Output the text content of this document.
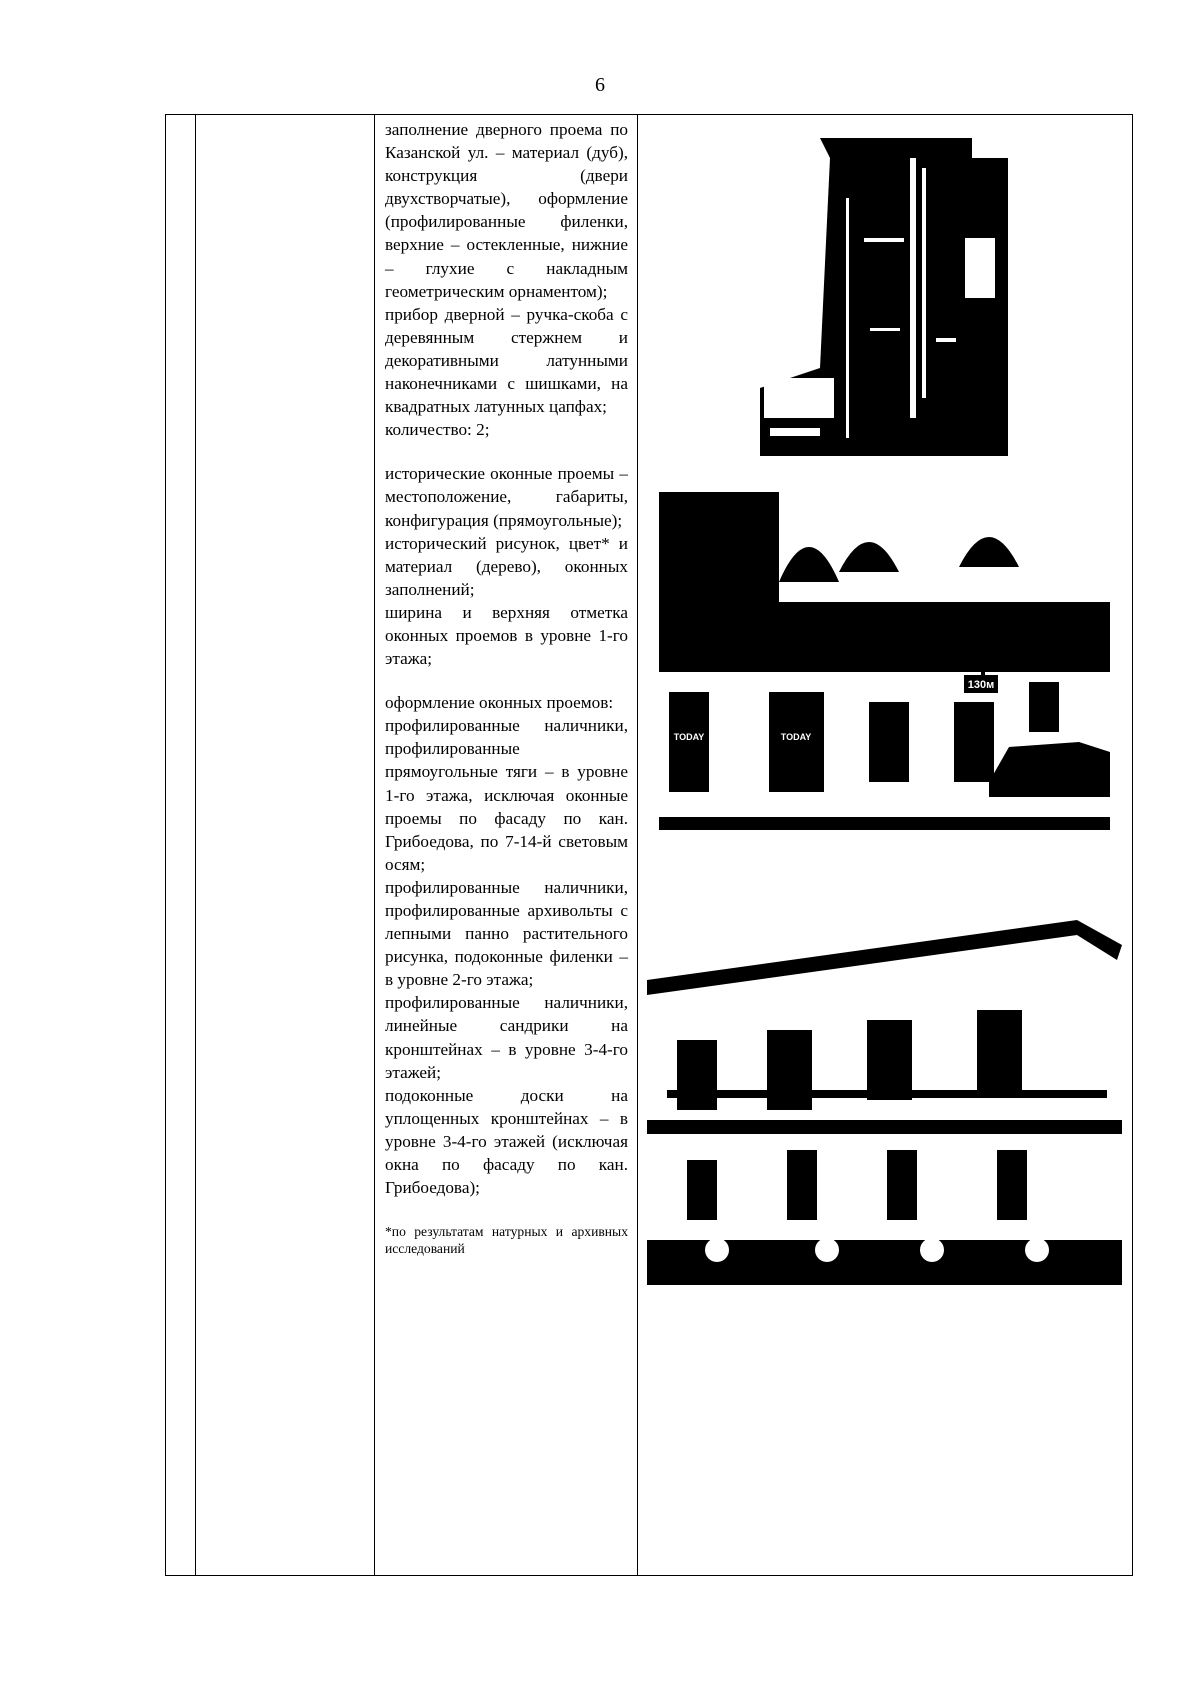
6

заполнение дверного проема по Казанской ул. – материал (дуб), конструкция (двери двухстворчатые), оформление (профилированные филенки, верхние – остекленные, нижние – глухие с накладным геометрическим орнаментом);

прибор дверной – ручка-скоба с деревянным стержнем и декоративными латунными наконечниками с шишками, на квадратных латунных цапфах;

количество: 2;

исторические оконные проемы – местоположение, габариты, конфигурация (прямоугольные);

исторический рисунок, цвет* и материал (дерево), оконных заполнений;

ширина и верхняя отметка оконных проемов в уровне 1-го этажа;

оформление оконных проемов:

профилированные наличники, профилированные прямоугольные тяги – в уровне 1-го этажа, исключая оконные проемы по фасаду по кан. Грибоедова, по 7-14-й световым осям;

профилированные наличники, профилированные архивольты с лепными панно растительного рисунка, подоконные филенки – в уровне 2-го этажа;

профилированные наличники, линейные сандрики на кронштейнах – в уровне 3-4-го этажей;

подоконные доски на уплощенных кронштейнах – в уровне 3-4-го этажей (исключая окна по фасаду по кан. Грибоедова);

*по результатам натурных и архивных исследований

130м
TODAY	TODAY
